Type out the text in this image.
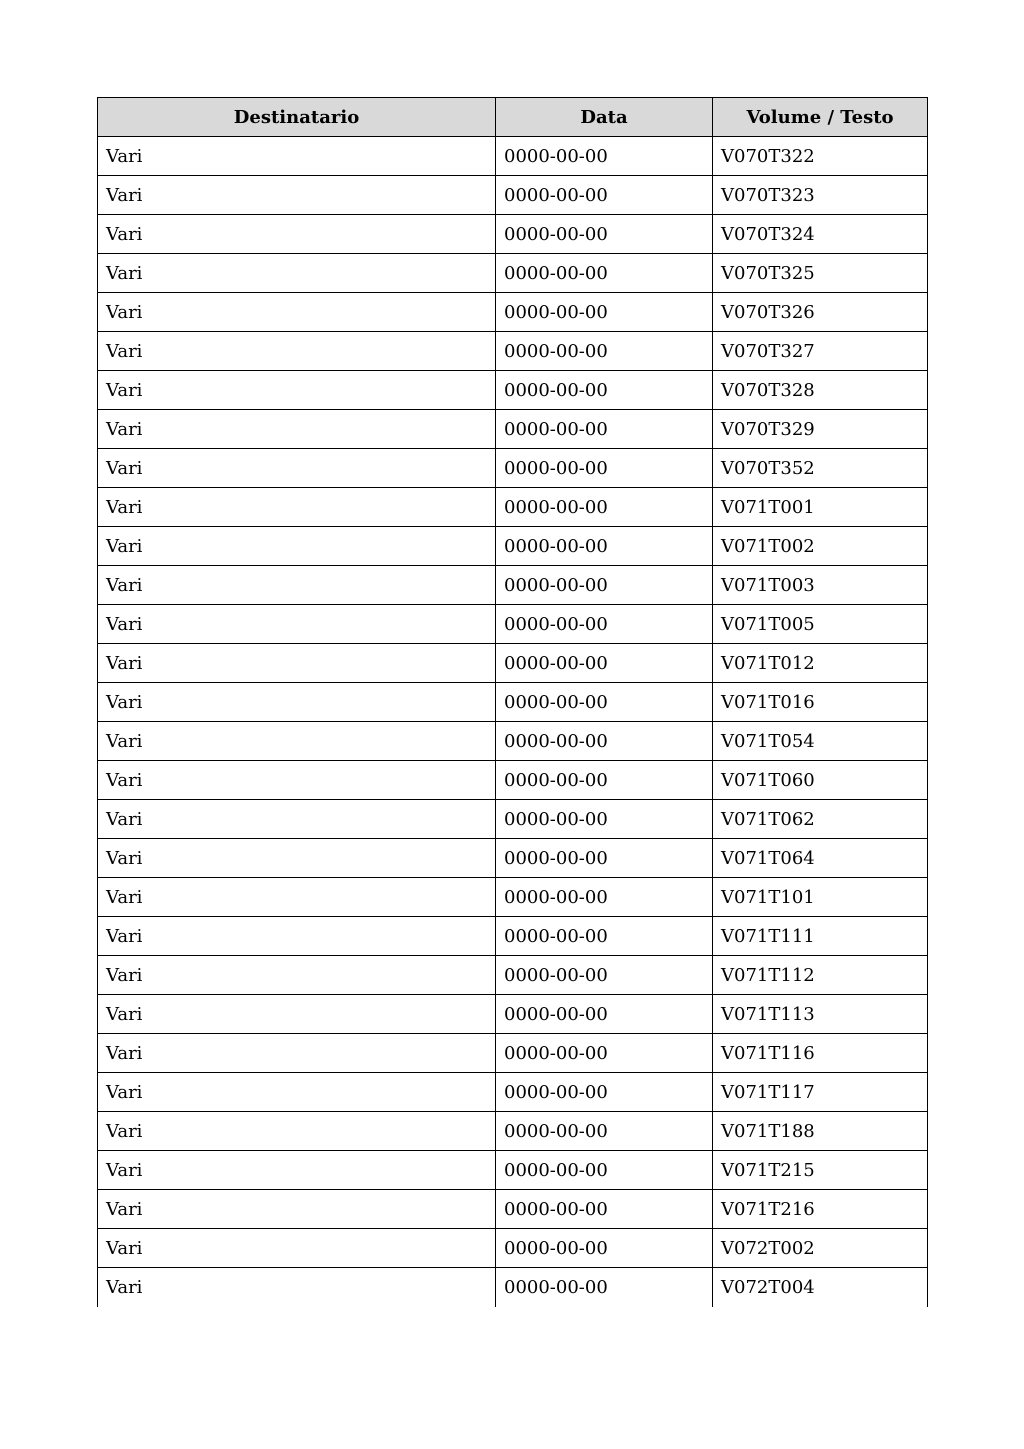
Destinatario	Data	Volume / Testo
Vari	0000-00-00	V070T322
Vari	0000-00-00	V070T323
Vari	0000-00-00	V070T324
Vari	0000-00-00	V070T325
Vari	0000-00-00	V070T326
Vari	0000-00-00	V070T327
Vari	0000-00-00	V070T328
Vari	0000-00-00	V070T329
Vari	0000-00-00	V070T352
Vari	0000-00-00	V071T001
Vari	0000-00-00	V071T002
Vari	0000-00-00	V071T003
Vari	0000-00-00	V071T005
Vari	0000-00-00	V071T012
Vari	0000-00-00	V071T016
Vari	0000-00-00	V071T054
Vari	0000-00-00	V071T060
Vari	0000-00-00	V071T062
Vari	0000-00-00	V071T064
Vari	0000-00-00	V071T101
Vari	0000-00-00	V071T111
Vari	0000-00-00	V071T112
Vari	0000-00-00	V071T113
Vari	0000-00-00	V071T116
Vari	0000-00-00	V071T117
Vari	0000-00-00	V071T188
Vari	0000-00-00	V071T215
Vari	0000-00-00	V071T216
Vari	0000-00-00	V072T002
Vari	0000-00-00	V072T004
